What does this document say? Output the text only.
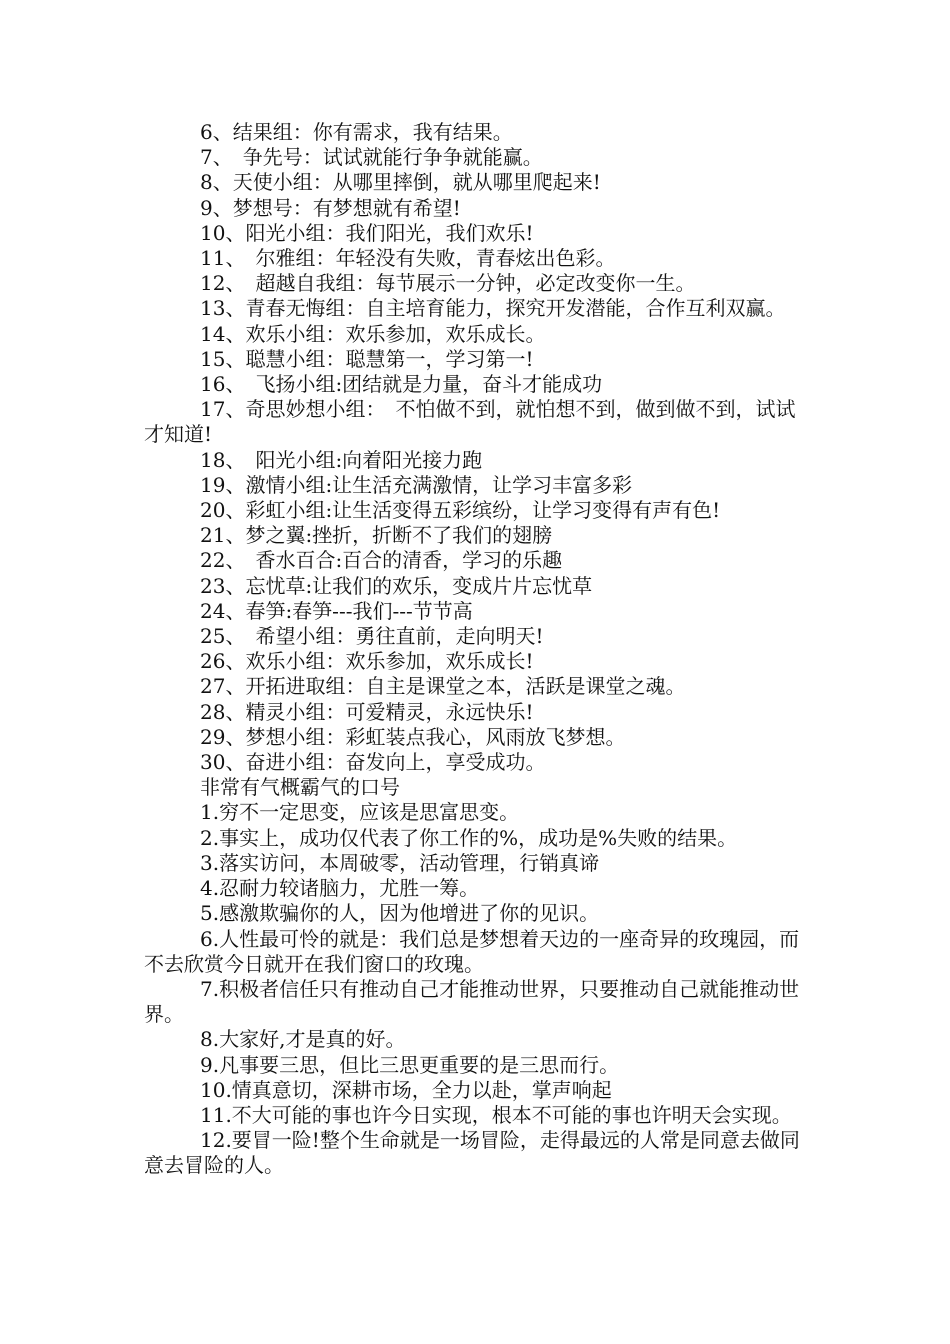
6、结果组：你有需求，我有结果。
7、　争先号：试试就能行争争就能赢。
8、天使小组：从哪里摔倒，就从哪里爬起来!
9、梦想号：有梦想就有希望!
10、阳光小组：我们阳光，我们欢乐!
11、　尔雅组：年轻没有失败，青春炫出色彩。
12、　超越自我组：每节展示一分钟，必定改变你一生。
13、青春无悔组：自主培育能力，探究开发潜能，合作互利双赢。
14、欢乐小组：欢乐参加，欢乐成长。
15、聪慧小组：聪慧第一，学习第一!
16、　飞扬小组:团结就是力量，奋斗才能成功
17、奇思妙想小组：　不怕做不到，就怕想不到，做到做不到，试试才知道!
18、　阳光小组:向着阳光接力跑
19、激情小组:让生活充满激情，让学习丰富多彩
20、彩虹小组:让生活变得五彩缤纷，让学习变得有声有色!
21、梦之翼:挫折，折断不了我们的翅膀
22、　香水百合:百合的清香，学习的乐趣
23、忘忧草:让我们的欢乐，变成片片忘忧草
24、春笋:春笋---我们---节节高
25、　希望小组：勇往直前，走向明天!
26、欢乐小组：欢乐参加，欢乐成长!
27、开拓进取组：自主是课堂之本，活跃是课堂之魂。
28、精灵小组：可爱精灵，永远快乐!
29、梦想小组：彩虹装点我心，风雨放飞梦想。
30、奋进小组：奋发向上，享受成功。
非常有气概霸气的口号
1.穷不一定思变，应该是思富思变。
2.事实上，成功仅代表了你工作的%，成功是%失败的结果。
3.落实访问，本周破零，活动管理，行销真谛
4.忍耐力较诸脑力，尤胜一筹。
5.感激欺骗你的人，因为他增进了你的见识。
6.人性最可怜的就是：我们总是梦想着天边的一座奇异的玫瑰园，而不去欣赏今日就开在我们窗口的玫瑰。
7.积极者信任只有推动自己才能推动世界，只要推动自己就能推动世界。
8.大家好,才是真的好。
9.凡事要三思，但比三思更重要的是三思而行。
10.情真意切，深耕市场，全力以赴，掌声响起
11.不大可能的事也许今日实现，根本不可能的事也许明天会实现。
12.要冒一险!整个生命就是一场冒险，走得最远的人常是同意去做同意去冒险的人。
